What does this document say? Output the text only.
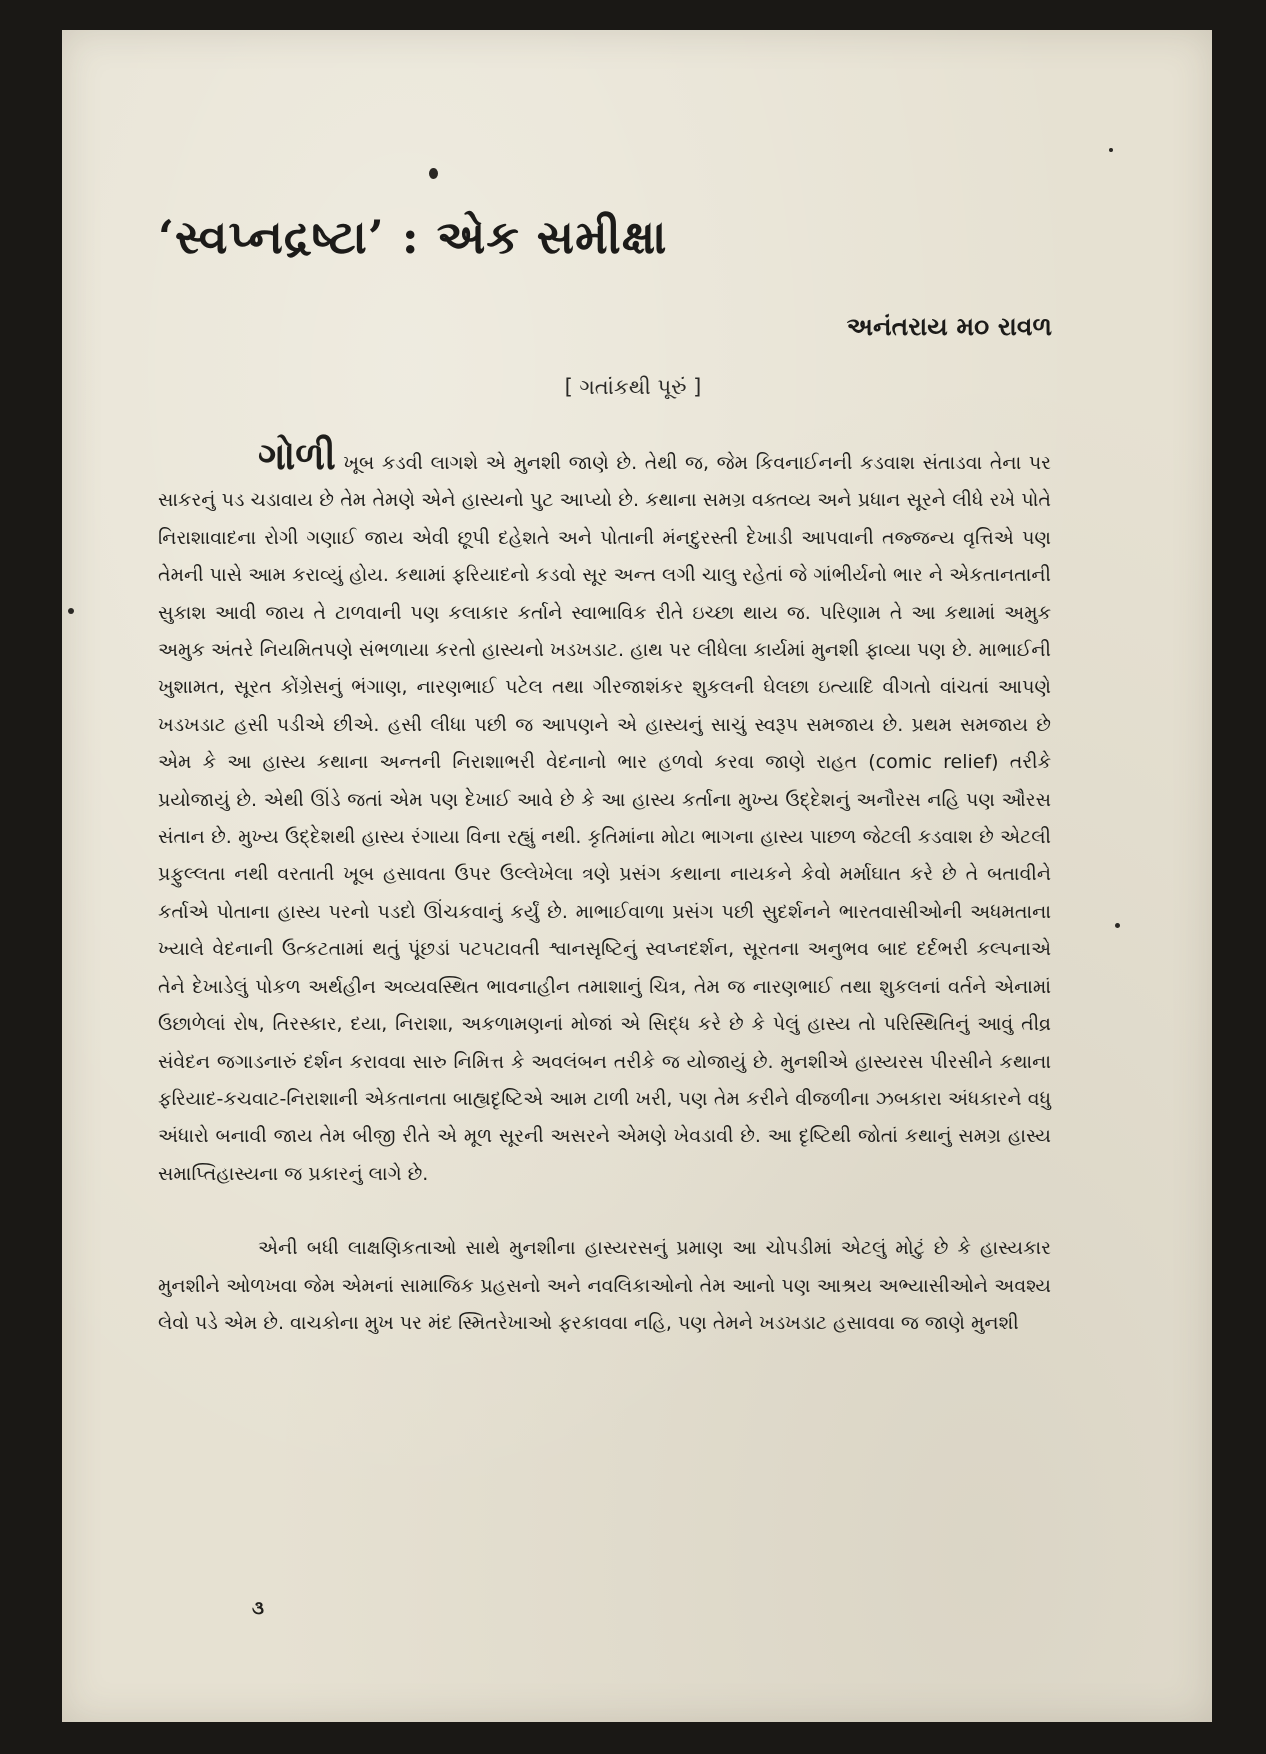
‘સ્વપ્નદ્રષ્ટા’ : એક સમીક્ષા
અનંતરાય મ૦ રાવળ
[ ગતાંકથી પૂરું ]

ગોળી ખૂબ કડવી લાગશે એ મુનશી જાણે છે. તેથી જ, જેમ કિવનાઈનની કડવાશ સંતાડવા તેના પર સાકરનું પડ ચડાવાય છે તેમ તેમણે એને હાસ્યનો પુટ આપ્યો છે. કથાના સમગ્ર વક્તવ્ય અને પ્રધાન સૂરને લીધે રખે પોતે નિરાશાવાદના રોગી ગણાઈ જાય એવી છૂપી દહેશતે અને પોતાની મંનદુરસ્તી દેખાડી આપવાની તજ્જન્ય વૃત્તિએ પણ તેમની પાસે આમ કરાવ્યું હોય. કથામાં ફરિયાદનો કડવો સૂર અન્ત લગી ચાલુ રહેતાં જે ગાંભીર્યનો ભાર ને એકતાનતાની સુકાશ આવી જાય તે ટાળવાની પણ કલાકાર કર્તાને સ્વાભાવિક રીતે ઇચ્છા થાય જ. પરિણામ તે આ કથામાં અમુક અમુક અંતરે નિયમિતપણે સંભળાયા કરતો હાસ્યનો ખડખડાટ. હાથ પર લીધેલા કાર્યમાં મુનશી ફાવ્યા પણ છે. માભાઈની ખુશામત, સૂરત કોંગ્રેસનું ભંગાણ, નારણભાઈ પટેલ તથા ગીરજાશંકર શુકલની ઘેલછા ઇત્યાદિ વીગતો વાંચતાં આપણે ખડખડાટ હસી પડીએ છીએ. હસી લીધા પછી જ આપણને એ હાસ્યનું સાચું સ્વરૂપ સમજાય છે. પ્રથમ સમજાય છે એમ કે આ હાસ્ય કથાના અન્તની નિરાશાભરી વેદનાનો ભાર હળવો કરવા જાણે રાહત (comic relief) તરીકે પ્રયોજાયું છે. એથી ઊંડે જતાં એમ પણ દેખાઈ આવે છે કે આ હાસ્ય કર્તાના મુખ્ય ઉદ્દેશનું અનૌરસ નહિ પણ ઔરસ સંતાન છે. મુખ્ય ઉદ્દેશથી હાસ્ય રંગાયા વિના રહ્યું નથી. કૃતિમાંના મોટા ભાગના હાસ્ય પાછળ જેટલી કડવાશ છે એટલી પ્રફુલ્લતા નથી વરતાતી ખૂબ હસાવતા ઉપર ઉલ્લેખેલા ત્રણે પ્રસંગ કથાના નાયકને કેવો મર્માઘાત કરે છે તે બતાવીને કર્તાએ પોતાના હાસ્ય પરનો પડદો ઊંચકવાનું કર્યું છે. માભાઈવાળા પ્રસંગ પછી સુદર્શનને ભારતવાસીઓની અધમતાના ખ્યાલે વેદનાની ઉત્કટતામાં થતું પૂંછડાં પટપટાવતી શ્વાનસૃષ્ટિનું સ્વપ્નદર્શન, સૂરતના અનુભવ બાદ દર્દભરી કલ્પનાએ તેને દેખાડેલું પોકળ અર્થહીન અવ્યવસ્થિત ભાવનાહીન તમાશાનું ચિત્ર, તેમ જ નારણભાઈ તથા શુકલનાં વર્તને એનામાં ઉછાળેલાં રોષ, તિરસ્કાર, દયા, નિરાશા, અકળામણનાં મોજાં એ સિદ્ધ કરે છે કે પેલું હાસ્ય તો પરિસ્થિતિનું આવું તીવ્ર સંવેદન જગાડનારું દર્શન કરાવવા સારુ નિમિત્ત કે અવલંબન તરીકે જ યોજાયું છે. મુનશીએ હાસ્યરસ પીરસીને કથાના ફરિયાદ-કચવાટ-નિરાશાની એકતાનતા બાહ્યદૃષ્ટિએ આમ ટાળી ખરી, પણ તેમ કરીને વીજળીના ઝબકારા અંધકારને વધુ અંધારો બનાવી જાય તેમ બીજી રીતે એ મૂળ સૂરની અસરને એમણે ખેવડાવી છે. આ દૃષ્ટિથી જોતાં કથાનું સમગ્ર હાસ્ય સમાપ્તિહાસ્યના જ પ્રકારનું લાગે છે.

એની બધી લાક્ષણિકતાઓ સાથે મુનશીના હાસ્યરસનું પ્રમાણ આ ચોપડીમાં એટલું મોટું છે કે હાસ્યકાર મુનશીને ઓળખવા જેમ એમનાં સામાજિક પ્રહસનો અને નવલિકાઓનો તેમ આનો પણ આશ્રય અભ્યાસીઓને અવશ્ય લેવો પડે એમ છે. વાચકોના મુખ પર મંદ સ્મિતરેખાઓ ફરકાવવા નહિ, પણ તેમને ખડખડાટ હસાવવા જ જાણે મુનશી

૩
